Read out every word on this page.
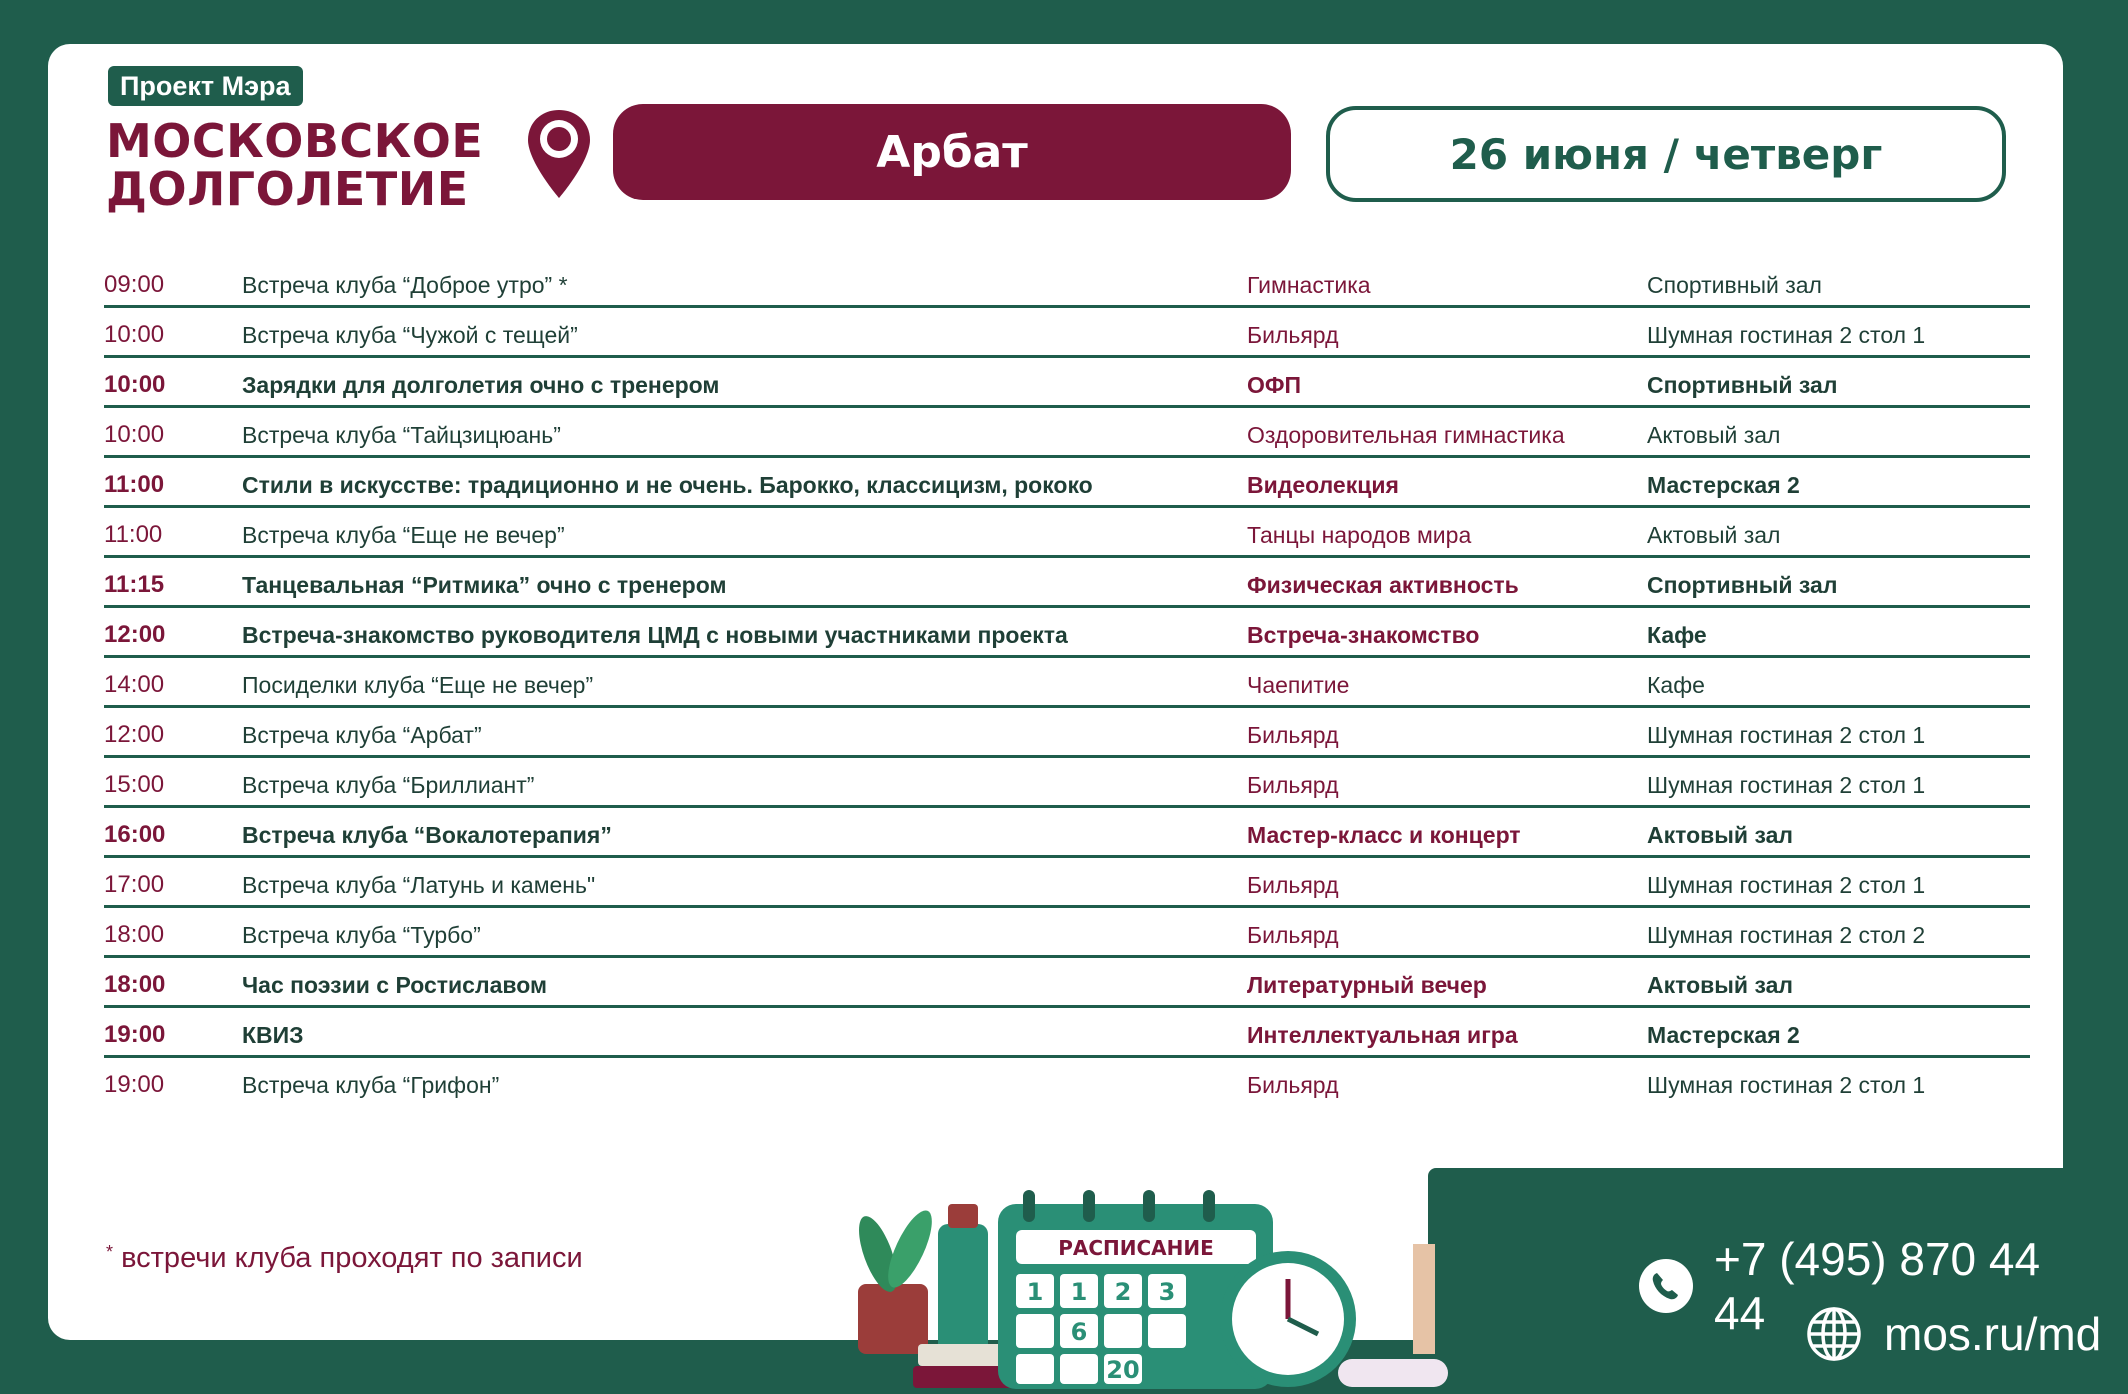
Проект Мэра
МОСКОВСКОЕ
ДОЛГОЛЕТИЕ
Арбат	26 июня / четверг
09:00	Встреча клуба “Доброе утро” *	Гимнастика	Спортивный зал
10:00	Встреча клуба “Чужой с тещей”	Бильярд	Шумная гостиная 2 стол 1
10:00	Зарядки для долголетия очно с тренером	ОФП	Спортивный зал
10:00	Встреча клуба “Тайцзицюань”	Оздоровительная гимнастика	Актовый зал
11:00	Стили в искусстве: традиционно и не очень. Барокко, классицизм, рококо	Видеолекция	Мастерская 2
11:00	Встреча клуба “Еще не вечер”	Танцы народов мира	Актовый зал
11:15	Танцевальная “Ритмика” очно с тренером	Физическая активность	Спортивный зал
12:00	Встреча-знакомство руководителя ЦМД с новыми участниками проекта	Встреча-знакомство	Кафе
14:00	Посиделки клуба “Еще не вечер”	Чаепитие	Кафе
12:00	Встреча клуба “Арбат”	Бильярд	Шумная гостиная 2 стол 1
15:00	Встреча клуба “Бриллиант”	Бильярд	Шумная гостиная 2 стол 1
16:00	Встреча клуба “Вокалотерапия”	Мастер-класс и концерт	Актовый зал
17:00	Встреча клуба “Латунь и камень"	Бильярд	Шумная гостиная 2 стол 1
18:00	Встреча клуба “Турбо”	Бильярд	Шумная гостиная 2 стол 2
18:00	Час поэзии с Ростиславом	Литературный вечер	Актовый зал
19:00	КВИЗ	Интеллектуальная игра	Мастерская 2
19:00	Встреча клуба “Грифон”	Бильярд	Шумная гостиная 2 стол 1
* встречи клуба проходят по записи	РАСПИСАНИЕ
1 1 2 3
6
20
+7 (495) 870 44 44	mos.ru/md
